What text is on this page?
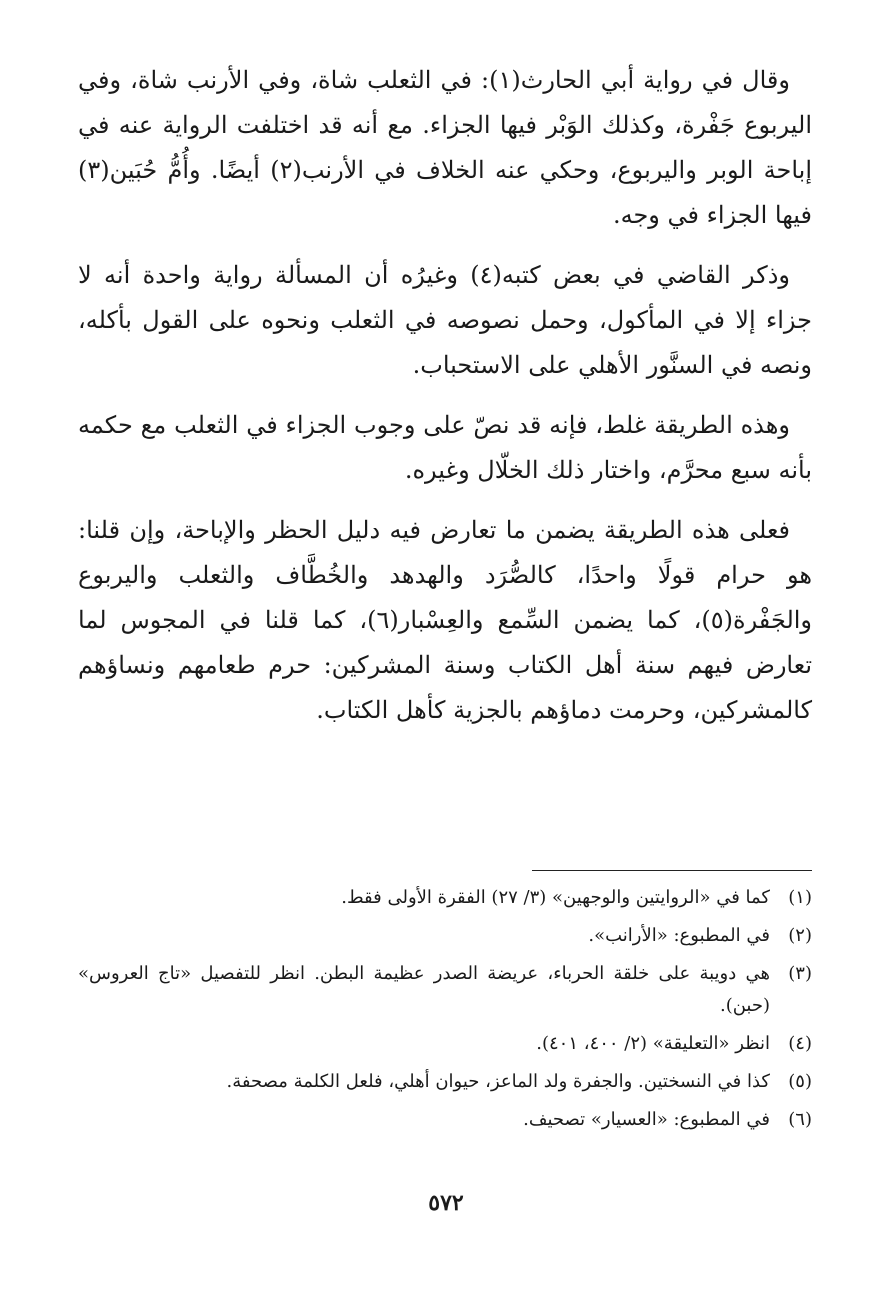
وقال في رواية أبي الحارث(١): في الثعلب شاة، وفي الأرنب شاة، وفي اليربوع جَفْرة، وكذلك الوَبْر فيها الجزاء. مع أنه قد اختلفت الرواية عنه في إباحة الوبر واليربوع، وحكي عنه الخلاف في الأرنب(٢) أيضًا. وأُمُّ حُبَين(٣) فيها الجزاء في وجه.

وذكر القاضي في بعض كتبه(٤) وغيرُه أن المسألة رواية واحدة أنه لا جزاء إلا في المأكول، وحمل نصوصه في الثعلب ونحوه على القول بأكله، ونصه في السنَّور الأهلي على الاستحباب.

وهذه الطريقة غلط، فإنه قد نصّ على وجوب الجزاء في الثعلب مع حكمه بأنه سبع محرَّم، واختار ذلك الخلّال وغيره.

فعلى هذه الطريقة يضمن ما تعارض فيه دليل الحظر والإباحة، وإن قلنا: هو حرام قولًا واحدًا، كالصُّرَد والهدهد والخُطَّاف والثعلب واليربوع والجَفْرة(٥)، كما يضمن السِّمع والعِسْبار(٦)، كما قلنا في المجوس لما تعارض فيهم سنة أهل الكتاب وسنة المشركين: حرم طعامهم ونساؤهم كالمشركين، وحرمت دماؤهم بالجزية كأهل الكتاب.

(١)
كما في «الروايتين والوجهين» (٣/ ٢٧) الفقرة الأولى فقط.
(٢)
في المطبوع: «الأرانب».
(٣)
هي دويبة على خلقة الحرباء، عريضة الصدر عظيمة البطن. انظر للتفصيل «تاج العروس» (حبن).
(٤)
انظر «التعليقة» (٢/ ٤٠٠، ٤٠١).
(٥)
كذا في النسختين. والجفرة ولد الماعز، حيوان أهلي، فلعل الكلمة مصحفة.
(٦)
في المطبوع: «العسيار» تصحيف.
٥٧٢
